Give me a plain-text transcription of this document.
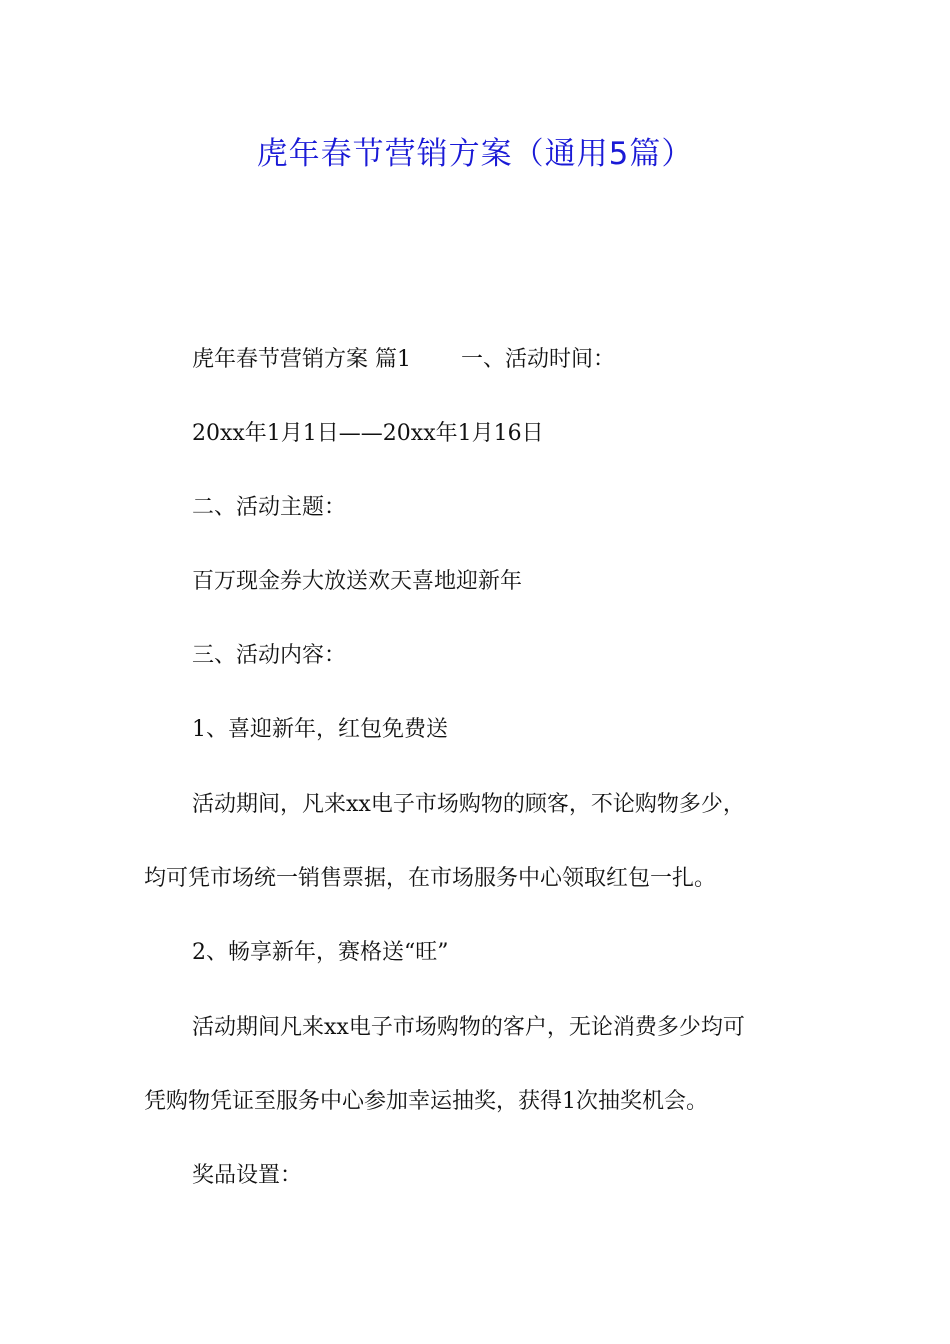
虎年春节营销方案（通用5篇）

虎年春节营销方案 篇1 一、活动时间：

20xx年1月1日——20xx年1月16日

二、活动主题：

百万现金券大放送欢天喜地迎新年

三、活动内容：

1、喜迎新年，红包免费送

活动期间，凡来xx电子市场购物的顾客，不论购物多少，

均可凭市场统一销售票据，在市场服务中心领取红包一扎。

2、畅享新年，赛格送“旺”

活动期间凡来xx电子市场购物的客户，无论消费多少均可

凭购物凭证至服务中心参加幸运抽奖，获得1次抽奖机会。

奖品设置：
